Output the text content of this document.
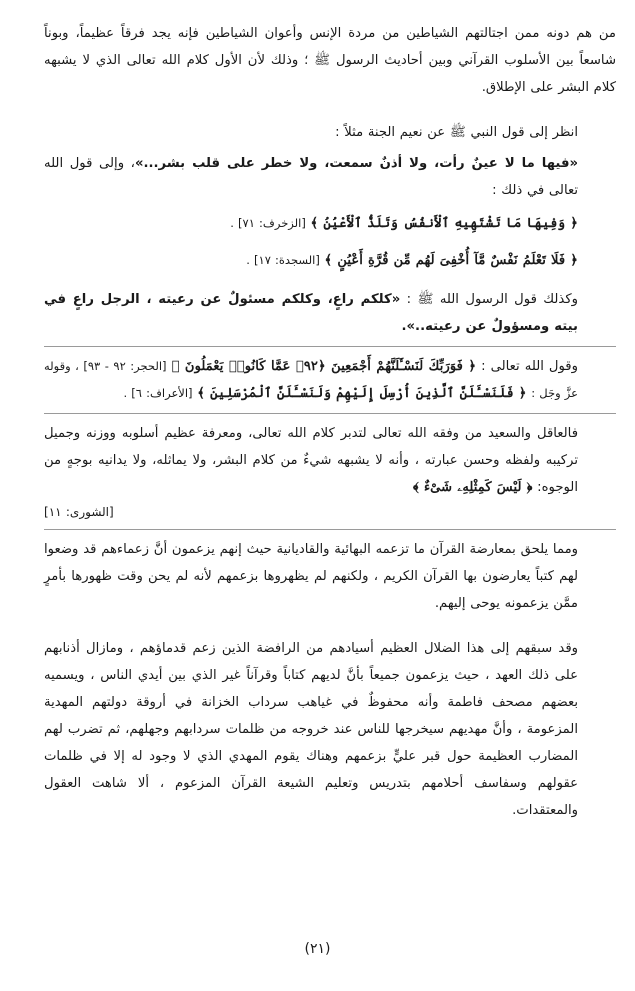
من هم دونه ممن اجتالتهم الشياطين من مردة الإنس وأعوان الشياطين فإنه يجد فرقاً عظيماً، وبوناً شاسعاً بين الأسلوب القرآني وبين أحاديث الرسول ﷺ ؛ وذلك لأن الأول كلام الله تعالى الذي لا يشبهه كلام البشر على الإطلاق.

انظر إلى قول النبي ﷺ عن نعيم الجنة مثلاً :

«فيها ما لا عينٌ رأت، ولا أذنٌ سمعت، ولا خطر على قلب بشر...»، وإلى قول الله تعالى في ذلك :

﴿ وَفِيهَا مَا تَشْتَهِيهِ ٱلْأَنفُسُ وَتَلَذُّ ٱلْأَعْيُنُ ﴾ [الزخرف: ٧١] .

﴿ فَلَا تَعْلَمُ نَفْسٌ مَّآ أُخْفِىَ لَهُم مِّن قُرَّةِ أَعْيُنٍ ﴾ [السجدة: ١٧] .

وكذلك قول الرسول الله ﷺ : «كلكم راعٍ، وكلكم مسئولٌ عن رعيته ، الرجل راعٍ في بيته ومسؤولٌ عن رعيته..».

وقول الله تعالى : ﴿ فَوَرَبِّكَ لَنَسْـَٔلَنَّهُمْ أَجْمَعِينَ ﴿٩٢﴾ عَمَّا كَانُوا۟ يَعْمَلُونَ ﴾ [الحجر: ٩٢ - ٩٣] ، وقوله عزَّ وجَل : ﴿ فَلَنَسْـَٔلَنَّ ٱلَّذِينَ أُرْسِلَ إِلَيْهِمْ وَلَنَسْـَٔلَنَّ ٱلْمُرْسَلِينَ ﴾ [الأعراف: ٦] .

فالعاقل والسعيد من وفقه الله تعالى لتدبر كلام الله تعالى، ومعرفة عظيم أسلوبه ووزنه وجميل تركيبه ولفظه وحسن عبارته ، وأنه لا يشبهه شيءٌ من كلام البشر، ولا يماثله، ولا يدانيه بوجهٍ من الوجوه: ﴿ لَيْسَ كَمِثْلِهِۦ شَىْءٌ ﴾

[الشورى: ١١]

ومما يلحق بمعارضة القرآن ما تزعمه البهائية والقاديانية حيث إنهم يزعمون أنَّ زعماءهم قد وضعوا لهم كتباً يعارضون بها القرآن الكريم ، ولكنهم لم يظهروها بزعمهم لأنه لم يحن وقت ظهورها بأمرٍ ممَّن يزعمونه يوحى إليهم.

وقد سبقهم إلى هذا الضلال العظيم أسيادهم من الرافضة الذين زعم قدماؤهم ، ومازال أذنابهم على ذلك العهد ، حيث يزعمون جميعاً بأنَّ لديهم كتاباً وقرآناً غير الذي بين أيدي الناس ، ويسميه بعضهم مصحف فاطمة وأنه محفوظٌ في غياهب سرداب الخزانة في أروقة دولتهم المهدية المزعومة ، وأنَّ مهديهم سيخرجها للناس عند خروجه من ظلمات سردابهم وجهلهم، ثم تضرب لهم المضارب العظيمة حول قبر عليٍّ بزعمهم وهناك يقوم المهدي الذي لا وجود له إلا في ظلمات عقولهم وسفاسف أحلامهم بتدريس وتعليم الشيعة القرآن المزعوم ، ألا شاهت العقول والمعتقدات.

(٢١)
